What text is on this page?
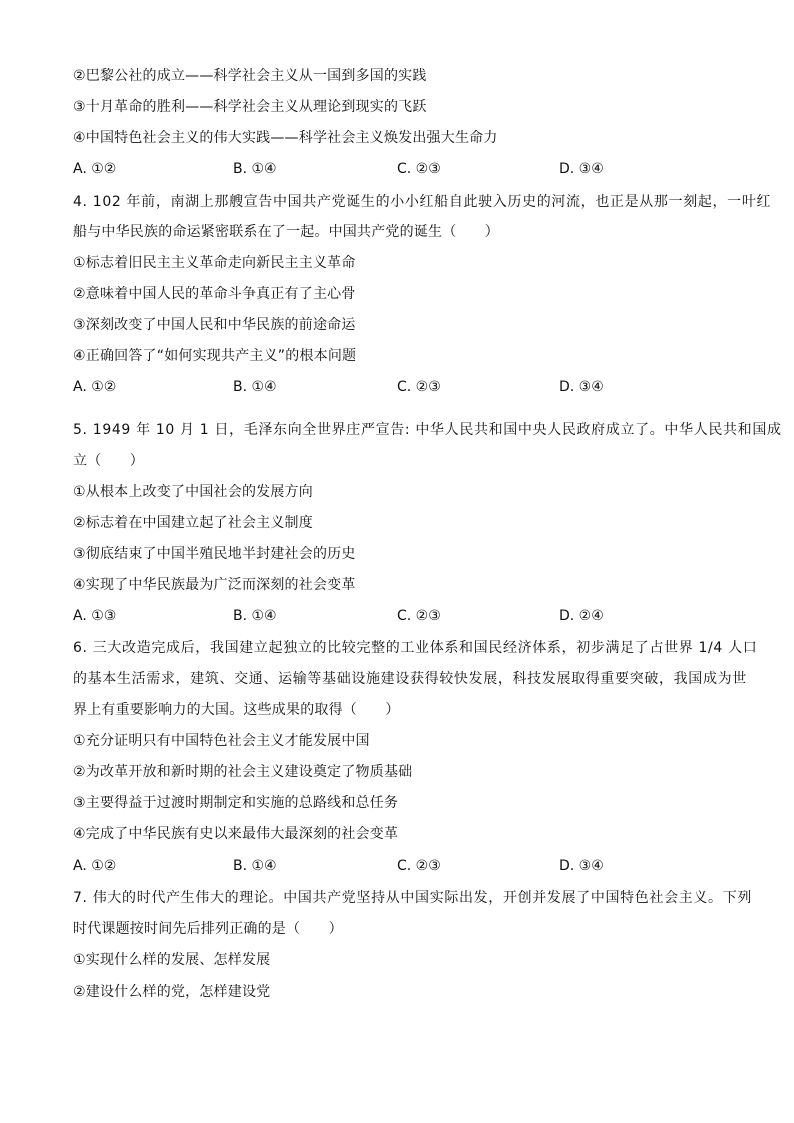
②巴黎公社的成立——科学社会主义从一国到多国的实践
③十月革命的胜利——科学社会主义从理论到现实的飞跃
④中国特色社会主义的伟大实践——科学社会主义焕发出强大生命力
A. ①②	B. ①④	C. ②③	D. ③④
4. 102 年前，南湖上那艘宣告中国共产党诞生的小小红船自此驶入历史的河流，也正是从那一刻起，一叶红
船与中华民族的命运紧密联系在了一起。中国共产党的诞生（　　）
①标志着旧民主主义革命走向新民主主义革命
②意味着中国人民的革命斗争真正有了主心骨
③深刻改变了中国人民和中华民族的前途命运
④正确回答了“如何实现共产主义”的根本问题
A. ①②	B. ①④	C. ②③	D. ③④
5. 1949 年 10 月 1 日，毛泽东向全世界庄严宣告: 中华人民共和国中央人民政府成立了。中华人民共和国成
立（　　）
①从根本上改变了中国社会的发展方向
②标志着在中国建立起了社会主义制度
③彻底结束了中国半殖民地半封建社会的历史
④实现了中华民族最为广泛而深刻的社会变革
A. ①③	B. ①④	C. ②③	D. ②④
6. 三大改造完成后，我国建立起独立的比较完整的工业体系和国民经济体系，初步满足了占世界 1/4 人口
的基本生活需求，建筑、交通、运输等基础设施建设获得较快发展，科技发展取得重要突破，我国成为世
界上有重要影响力的大国。这些成果的取得（　　）
①充分证明只有中国特色社会主义才能发展中国
②为改革开放和新时期的社会主义建设奠定了物质基础
③主要得益于过渡时期制定和实施的总路线和总任务
④完成了中华民族有史以来最伟大最深刻的社会变革
A. ①②	B. ①④	C. ②③	D. ③④
7. 伟大的时代产生伟大的理论。中国共产党坚持从中国实际出发，开创并发展了中国特色社会主义。下列
时代课题按时间先后排列正确的是（　　）
①实现什么样的发展、怎样发展
②建设什么样的党，怎样建设党
